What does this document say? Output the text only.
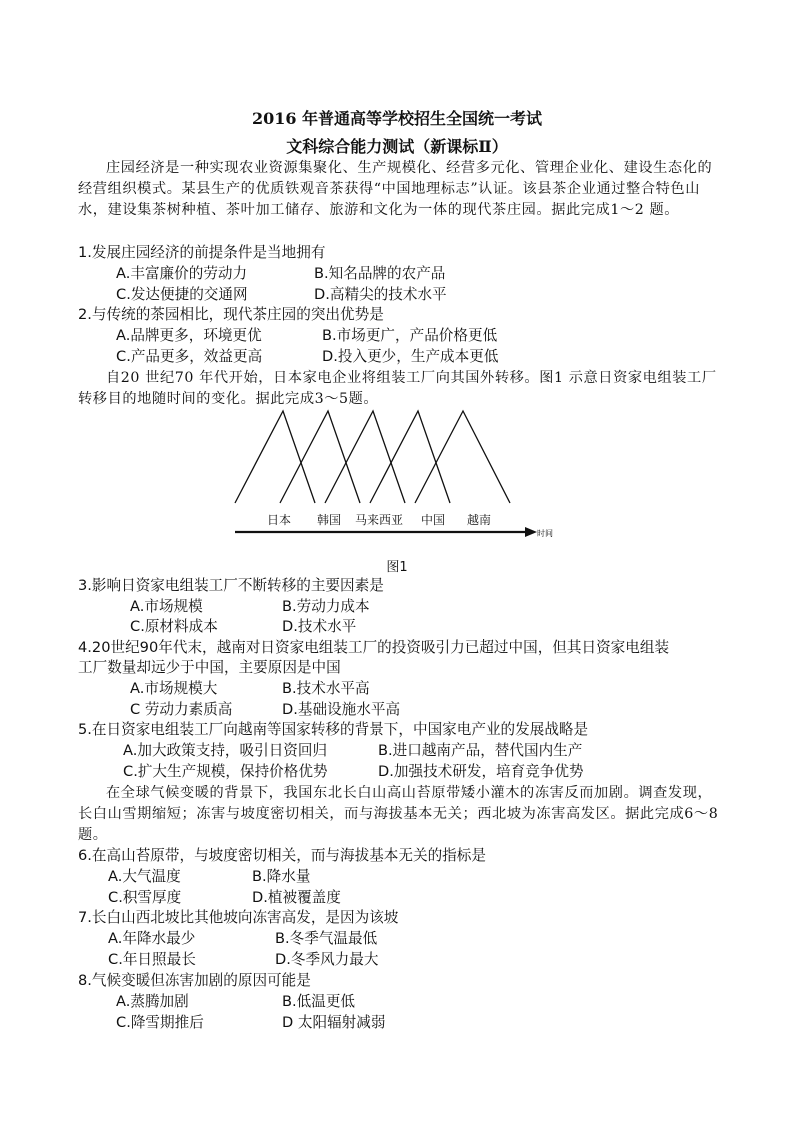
2016 年普通高等学校招生全国统一考试
文科综合能力测试（新课标Ⅱ）
庄园经济是一种实现农业资源集聚化、生产规模化、经营多元化、管理企业化、建设生态化的经营组织模式。某县生产的优质铁观音茶获得“中国地理标志”认证。该县茶企业通过整合特色山水，建设集茶树种植、茶叶加工储存、旅游和文化为一体的现代茶庄园。据此完成1～2 题。
1.发展庄园经济的前提条件是当地拥有
A.丰富廉价的劳动力	B.知名品牌的农产品
C.发达便捷的交通网	D.高精尖的技术水平
2.与传统的茶园相比，现代茶庄园的突出优势是
A.品牌更多，环境更优	B.市场更广，产品价格更低
C.产品更多，效益更高	D.投入更少，生产成本更低
自20 世纪70 年代开始，日本家电企业将组装工厂向其国外转移。图1 示意日资家电组装工厂转移目的地随时间的变化。据此完成3～5题。
日本 韩国 马来西亚 中国 越南
时间
图1
3.影响日资家电组装工厂不断转移的主要因素是
A.市场规模	B.劳动力成本
C.原材料成本	D.技术水平
4.20世纪90年代末，越南对日资家电组装工厂的投资吸引力已超过中国，但其日资家电组装
工厂数量却远少于中国，主要原因是中国
A.市场规模大	B.技术水平高
C 劳动力素质高	D.基础设施水平高
5.在日资家电组装工厂向越南等国家转移的背景下，中国家电产业的发展战略是
A.加大政策支持，吸引日资回归	B.进口越南产品，替代国内生产
C.扩大生产规模，保持价格优势	D.加强技术研发，培育竞争优势
在全球气候变暖的背景下，我国东北长白山高山苔原带矮小灌木的冻害反而加剧。调查发现，长白山雪期缩短；冻害与坡度密切相关，而与海拔基本无关；西北坡为冻害高发区。据此完成6～8题。
6.在高山苔原带，与坡度密切相关，而与海拔基本无关的指标是
A.大气温度	B.降水量
C.积雪厚度	D.植被覆盖度
7.长白山西北坡比其他坡向冻害高发，是因为该坡
A.年降水最少	B.冬季气温最低
C.年日照最长	D.冬季风力最大
8.气候变暖但冻害加剧的原因可能是
A.蒸腾加剧	B.低温更低
C.降雪期推后	D 太阳辐射减弱
